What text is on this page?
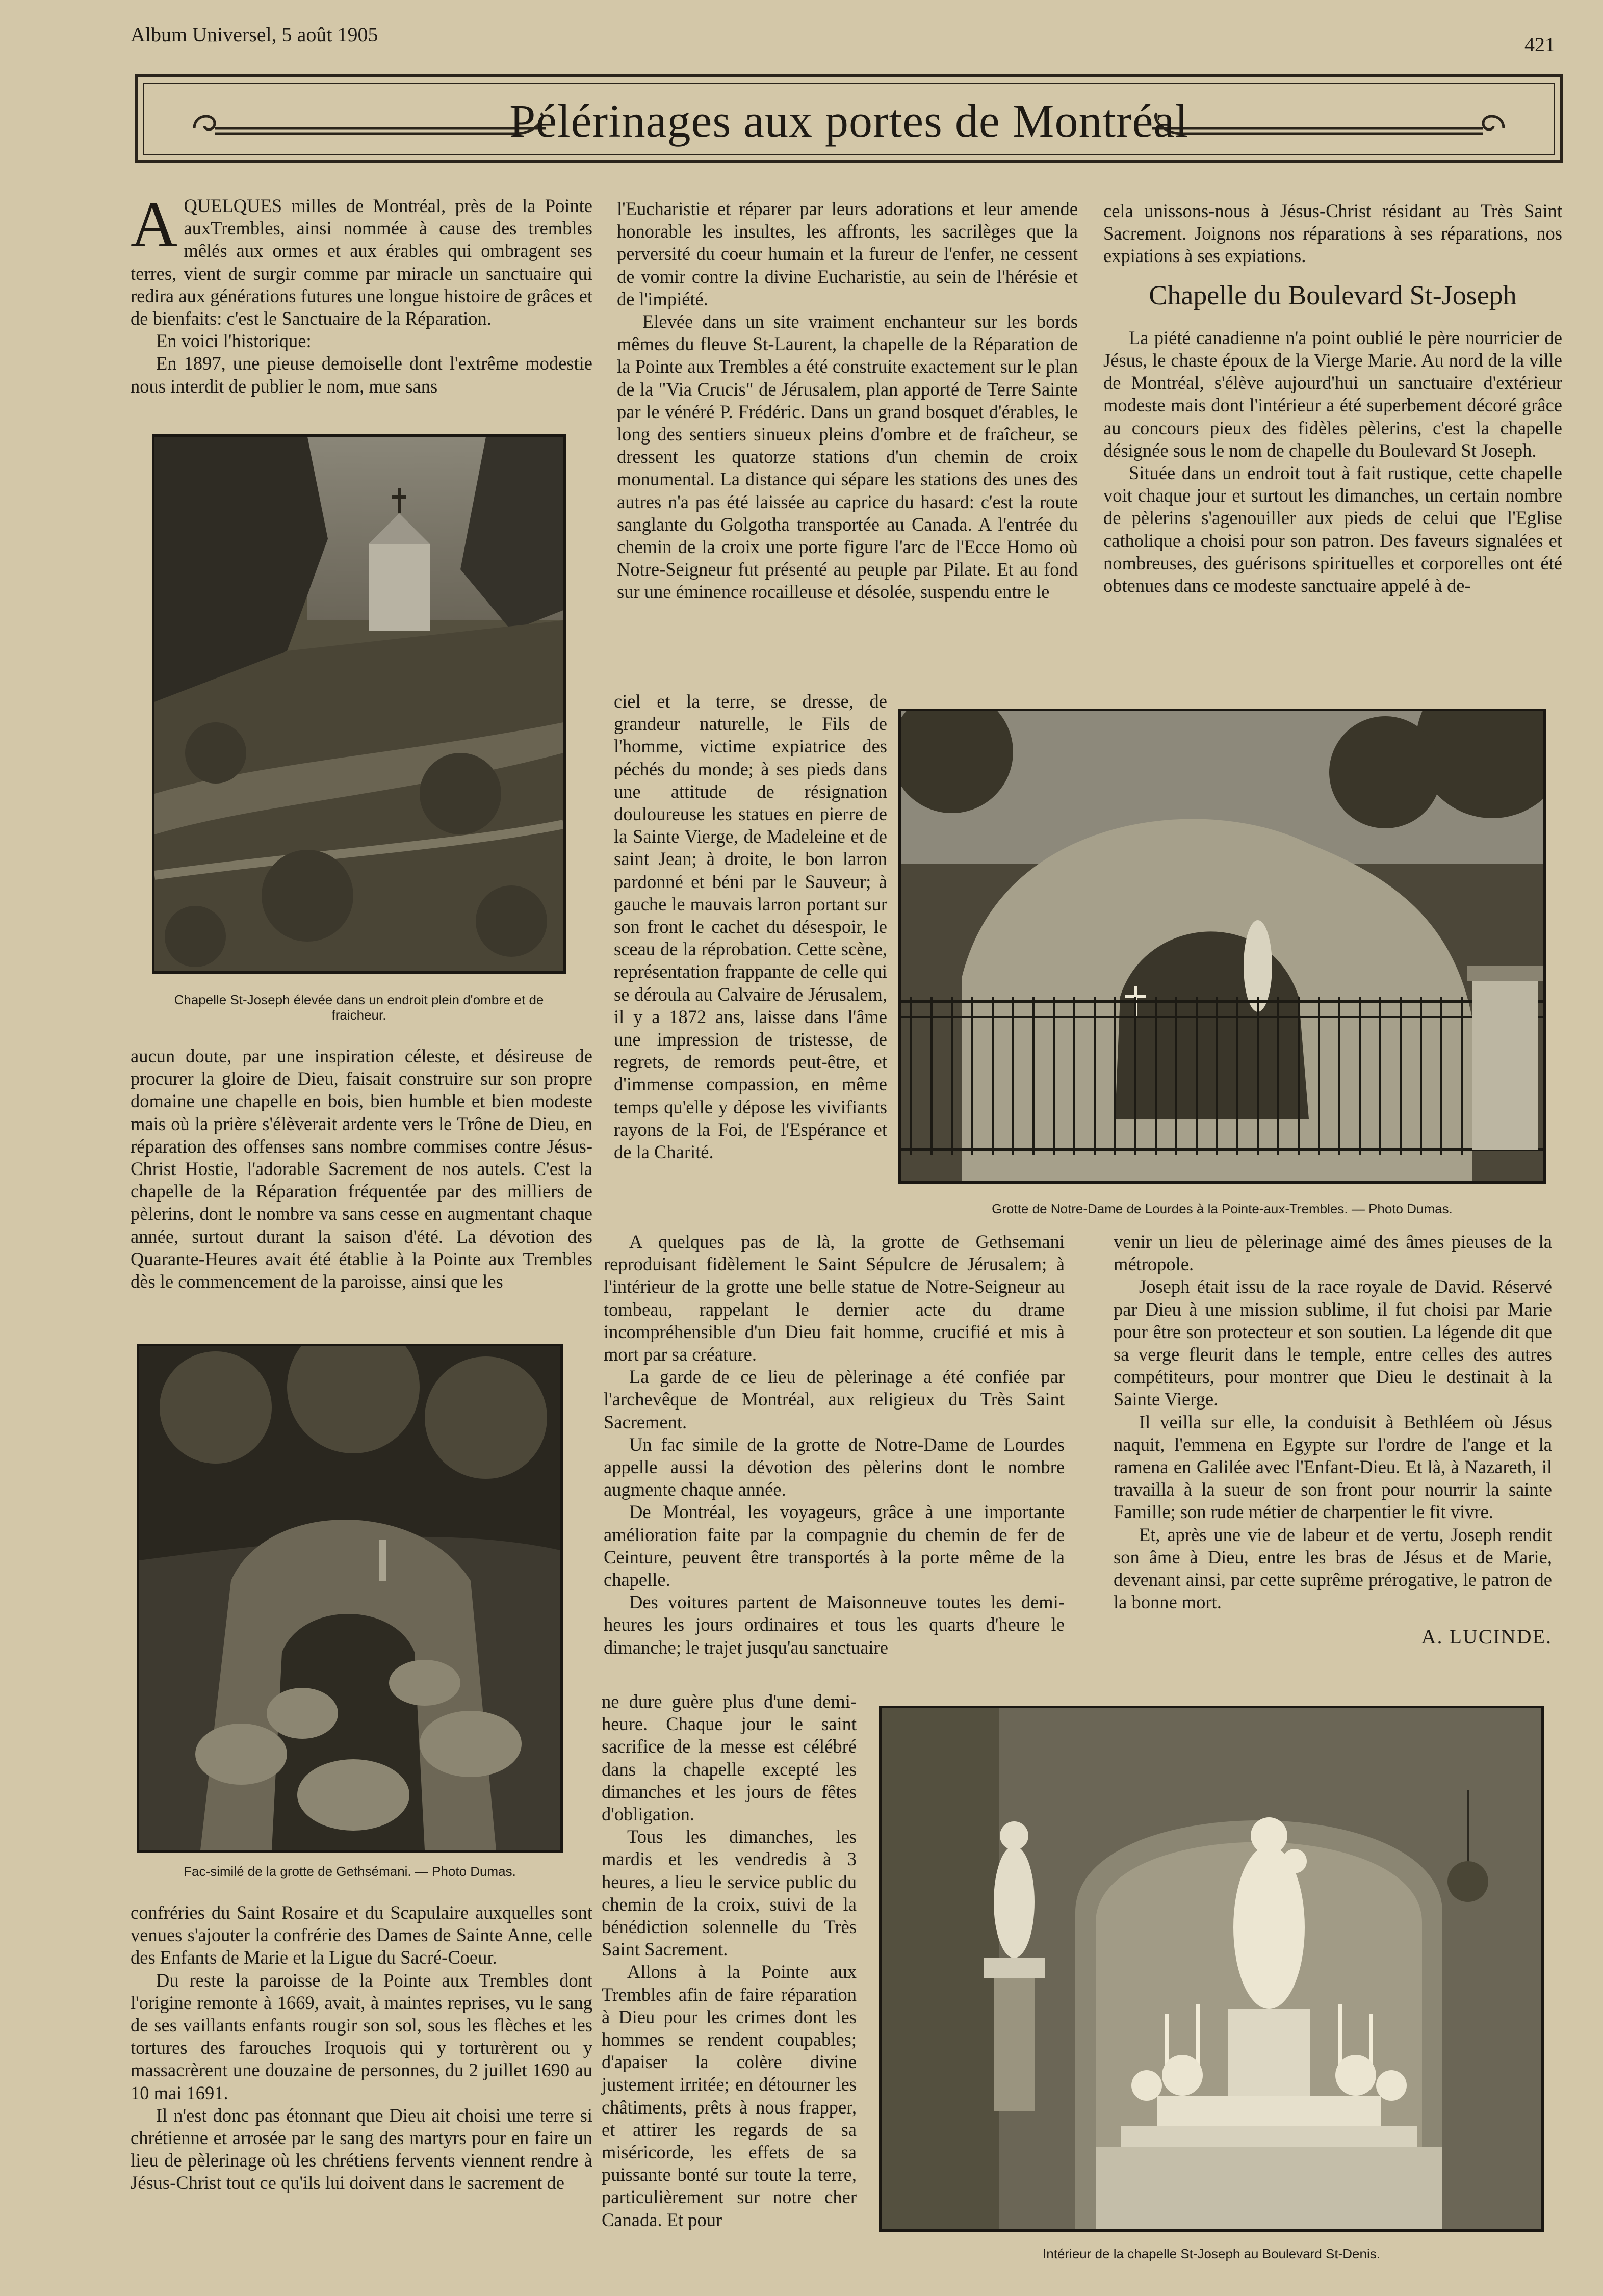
Album Universel, 5 août 1905	421
Pélérinages aux portes de Montréal

AQUELQUES milles de Montréal, près de la Pointe auxTrembles, ainsi nommée à cause des trembles mêlés aux ormes et aux érables qui ombragent ses terres, vient de surgir comme par miracle un sanctuaire qui redira aux générations futures une longue histoire de grâces et de bienfaits: c'est le Sanctuaire de la Réparation.

En voici l'historique:

En 1897, une pieuse demoiselle dont l'extrême modestie nous interdit de publier le nom, mue sans

Chapelle St-Joseph élevée dans un endroit plein d'ombre et de fraicheur.

aucun doute, par une inspiration céleste, et désireuse de procurer la gloire de Dieu, faisait construire sur son propre domaine une chapelle en bois, bien humble et bien modeste mais où la prière s'élèverait ardente vers le Trône de Dieu, en réparation des offenses sans nombre commises contre Jésus-Christ Hostie, l'adorable Sacrement de nos autels. C'est la chapelle de la Réparation fréquentée par des milliers de pèlerins, dont le nombre va sans cesse en augmentant chaque année, surtout durant la saison d'été. La dévotion des Quarante-Heures avait été établie à la Pointe aux Trembles dès le commencement de la paroisse, ainsi que les

Fac-similé de la grotte de Gethsémani. — Photo Dumas.

confréries du Saint Rosaire et du Scapulaire auxquelles sont venues s'ajouter la confrérie des Dames de Sainte Anne, celle des Enfants de Marie et la Ligue du Sacré-Coeur.

Du reste la paroisse de la Pointe aux Trembles dont l'origine remonte à 1669, avait, à maintes reprises, vu le sang de ses vaillants enfants rougir son sol, sous les flèches et les tortures des farouches Iroquois qui y torturèrent ou y massacrèrent une douzaine de personnes, du 2 juillet 1690 au 10 mai 1691.

Il n'est donc pas étonnant que Dieu ait choisi une terre si chrétienne et arrosée par le sang des martyrs pour en faire un lieu de pèlerinage où les chrétiens fervents viennent rendre à Jésus-Christ tout ce qu'ils lui doivent dans le sacrement de

l'Eucharistie et réparer par leurs adorations et leur amende honorable les insultes, les affronts, les sacrilèges que la perversité du coeur humain et la fureur de l'enfer, ne cessent de vomir contre la divine Eucharistie, au sein de l'hérésie et de l'impiété.

Elevée dans un site vraiment enchanteur sur les bords mêmes du fleuve St-Laurent, la chapelle de la Réparation de la Pointe aux Trembles a été construite exactement sur le plan de la "Via Crucis" de Jérusalem, plan apporté de Terre Sainte par le vénéré P. Frédéric. Dans un grand bosquet d'érables, le long des sentiers sinueux pleins d'ombre et de fraîcheur, se dressent les quatorze stations d'un chemin de croix monumental. La distance qui sépare les stations des unes des autres n'a pas été laissée au caprice du hasard: c'est la route sanglante du Golgotha transportée au Canada. A l'entrée du chemin de la croix une porte figure l'arc de l'Ecce Homo où Notre-Seigneur fut présenté au peuple par Pilate. Et au fond sur une éminence rocailleuse et désolée, suspendu entre le

ciel et la terre, se dresse, de grandeur naturelle, le Fils de l'homme, victime expiatrice des péchés du monde; à ses pieds dans une attitude de résignation douloureuse les statues en pierre de la Sainte Vierge, de Madeleine et de saint Jean; à droite, le bon larron pardonné et béni par le Sauveur; à gauche le mauvais larron portant sur son front le cachet du désespoir, le sceau de la réprobation. Cette scène, représentation frappante de celle qui se déroula au Calvaire de Jérusalem, il y a 1872 ans, laisse dans l'âme une impression de tristesse, de regrets, de remords peut-être, et d'immense compassion, en même temps qu'elle y dépose les vivifiants rayons de la Foi, de l'Espérance et de la Charité.

Grotte de Notre-Dame de Lourdes à la Pointe-aux-Trembles. — Photo Dumas.

A quelques pas de là, la grotte de Gethsemani reproduisant fidèlement le Saint Sépulcre de Jérusalem; à l'intérieur de la grotte une belle statue de Notre-Seigneur au tombeau, rappelant le dernier acte du drame incompréhensible d'un Dieu fait homme, crucifié et mis à mort par sa créature.

La garde de ce lieu de pèlerinage a été confiée par l'archevêque de Montréal, aux religieux du Très Saint Sacrement.

Un fac simile de la grotte de Notre-Dame de Lourdes appelle aussi la dévotion des pèlerins dont le nombre augmente chaque année.

De Montréal, les voyageurs, grâce à une importante amélioration faite par la compagnie du chemin de fer de Ceinture, peuvent être transportés à la porte même de la chapelle.

Des voitures partent de Maisonneuve toutes les demi-heures les jours ordinaires et tous les quarts d'heure le dimanche; le trajet jusqu'au sanctuaire

ne dure guère plus d'une demi-heure. Chaque jour le saint sacrifice de la messe est célébré dans la chapelle excepté les dimanches et les jours de fêtes d'obligation.

Tous les dimanches, les mardis et les vendredis à 3 heures, a lieu le service public du chemin de la croix, suivi de la bénédiction solennelle du Très Saint Sacrement.

Allons à la Pointe aux Trembles afin de faire réparation à Dieu pour les crimes dont les hommes se rendent coupables; d'apaiser la colère divine justement irritée; en détourner les châtiments, prêts à nous frapper, et attirer les regards de sa miséricorde, les effets de sa puissante bonté sur toute la terre, particulièrement sur notre cher Canada. Et pour

cela unissons-nous à Jésus-Christ résidant au Très Saint Sacrement. Joignons nos réparations à ses réparations, nos expiations à ses expiations.

Chapelle du Boulevard St-Joseph

La piété canadienne n'a point oublié le père nourricier de Jésus, le chaste époux de la Vierge Marie. Au nord de la ville de Montréal, s'élève aujourd'hui un sanctuaire d'extérieur modeste mais dont l'intérieur a été superbement décoré grâce au concours pieux des fidèles pèlerins, c'est la chapelle désignée sous le nom de chapelle du Boulevard St Joseph.

Située dans un endroit tout à fait rustique, cette chapelle voit chaque jour et surtout les dimanches, un certain nombre de pèlerins s'agenouiller aux pieds de celui que l'Eglise catholique a choisi pour son patron. Des faveurs signalées et nombreuses, des guérisons spirituelles et corporelles ont été obtenues dans ce modeste sanctuaire appelé à de-

venir un lieu de pèlerinage aimé des âmes pieuses de la métropole.

Joseph était issu de la race royale de David. Réservé par Dieu à une mission sublime, il fut choisi par Marie pour être son protecteur et son soutien. La légende dit que sa verge fleurit dans le temple, entre celles des autres compétiteurs, pour montrer que Dieu le destinait à la Sainte Vierge.

Il veilla sur elle, la conduisit à Bethléem où Jésus naquit, l'emmena en Egypte sur l'ordre de l'ange et la ramena en Galilée avec l'Enfant-Dieu. Et là, à Nazareth, il travailla à la sueur de son front pour nourrir la sainte Famille; son rude métier de charpentier le fit vivre.

Et, après une vie de labeur et de vertu, Joseph rendit son âme à Dieu, entre les bras de Jésus et de Marie, devenant ainsi, par cette suprême prérogative, le patron de la bonne mort.

A. LUCINDE.
Intérieur de la chapelle St-Joseph au Boulevard St-Denis.
